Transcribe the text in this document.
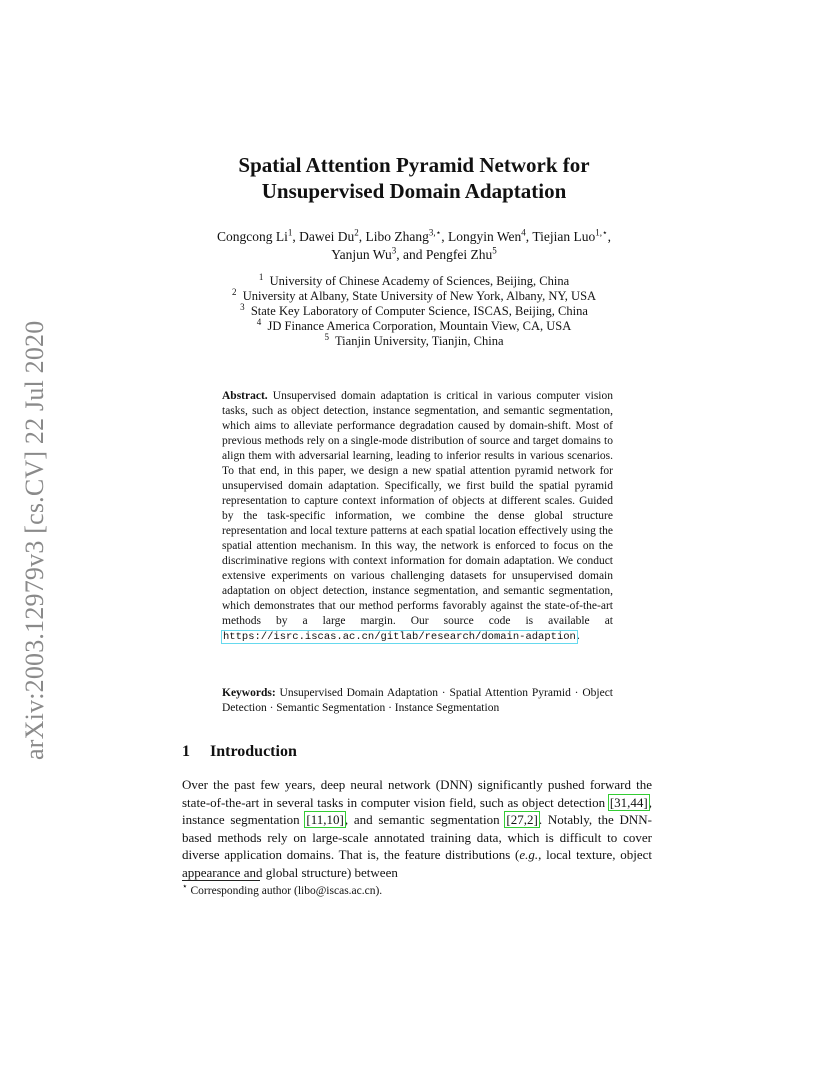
arXiv:2003.12979v3 [cs.CV] 22 Jul 2020
Spatial Attention Pyramid Network for
Unsupervised Domain Adaptation
Congcong Li$^1$, Dawei Du$^2$, Libo Zhang$^{3,⋆}$, Longyin Wen$^4$, Tiejian Luo$^{1,⋆}$,
Yanjun Wu$^3$, and Pengfei Zhu$^5$
$^1$ University of Chinese Academy of Sciences, Beijing, China
$^2$ University at Albany, State University of New York, Albany, NY, USA
$^3$ State Key Laboratory of Computer Science, ISCAS, Beijing, China
$^4$ JD Finance America Corporation, Mountain View, CA, USA
$^5$ Tianjin University, Tianjin, China
Abstract. Unsupervised domain adaptation is critical in various computer vision tasks, such as object detection, instance segmentation, and semantic segmentation, which aims to alleviate performance degradation caused by domain-shift. Most of previous methods rely on a single-mode distribution of source and target domains to align them with adversarial learning, leading to inferior results in various scenarios. To that end, in this paper, we design a new spatial attention pyramid network for unsupervised domain adaptation. Specifically, we first build the spatial pyramid representation to capture context information of objects at different scales. Guided by the task-specific information, we combine the dense global structure representation and local texture patterns at each spatial location effectively using the spatial attention mechanism. In this way, the network is enforced to focus on the discriminative regions with context information for domain adaptation. We conduct extensive experiments on various challenging datasets for unsupervised domain adaptation on object detection, instance segmentation, and semantic segmentation, which demonstrates that our method performs favorably against the state-of-the-art methods by a large margin. Our source code is available at https://isrc.iscas.ac.cn/gitlab/research/domain-adaption.
Keywords: Unsupervised Domain Adaptation · Spatial Attention Pyramid · Object Detection · Semantic Segmentation · Instance Segmentation
1 Introduction
Over the past few years, deep neural network (DNN) significantly pushed forward the state-of-the-art in several tasks in computer vision field, such as object detection [31,44], instance segmentation [11,10], and semantic segmentation [27,2]. Notably, the DNN-based methods rely on large-scale annotated training data, which is difficult to cover diverse application domains. That is, the feature distributions (e.g., local texture, object appearance and global structure) between
⋆ Corresponding author (libo@iscas.ac.cn).
